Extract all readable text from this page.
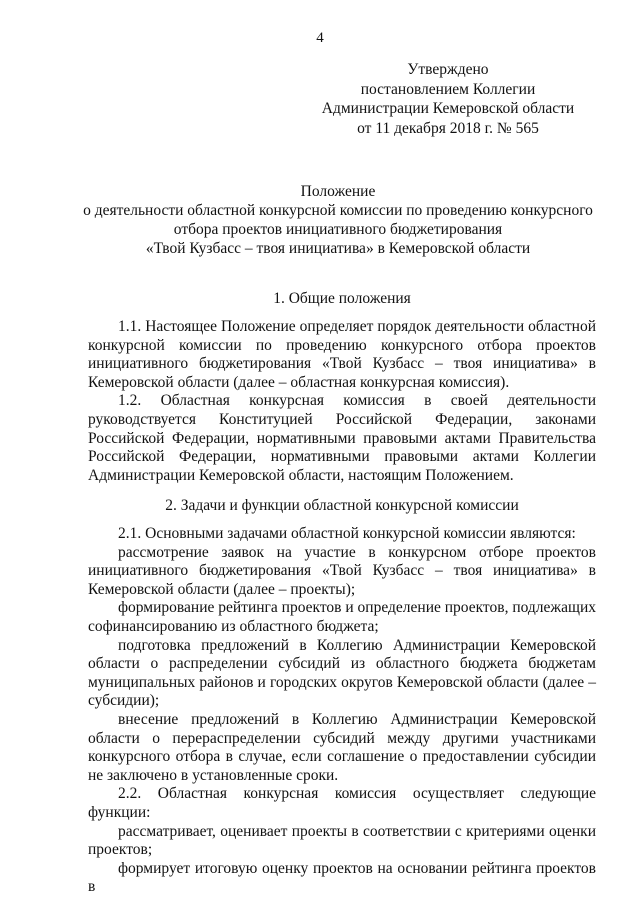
4
Утверждено
постановлением Коллегии
Администрации Кемеровской области
от 11 декабря 2018 г. № 565
Положение
о деятельности областной конкурсной комиссии по проведению конкурсного
отбора проектов инициативного бюджетирования
«Твой Кузбасс – твоя инициатива» в Кемеровской области
1. Общие положения

1.1. Настоящее Положение определяет порядок деятельности областной конкурсной комиссии по проведению конкурсного отбора проектов инициативного бюджетирования «Твой Кузбасс – твоя инициатива» в Кемеровской области (далее – областная конкурсная комиссия).

1.2. Областная конкурсная комиссия в своей деятельности руководствуется Конституцией Российской Федерации, законами Российской Федерации, нормативными правовыми актами Правительства Российской Федерации, нормативными правовыми актами Коллегии Администрации Кемеровской области, настоящим Положением.

2. Задачи и функции областной конкурсной комиссии

2.1. Основными задачами областной конкурсной комиссии являются:

рассмотрение заявок на участие в конкурсном отборе проектов инициативного бюджетирования «Твой Кузбасс – твоя инициатива» в Кемеровской области (далее – проекты);

формирование рейтинга проектов и определение проектов, подлежащих софинансированию из областного бюджета;

подготовка предложений в Коллегию Администрации Кемеровской области о распределении субсидий из областного бюджета бюджетам муниципальных районов и городских округов Кемеровской области (далее – субсидии);

внесение предложений в Коллегию Администрации Кемеровской области о перераспределении субсидий между другими участниками конкурсного отбора в случае, если соглашение о предоставлении субсидии не заключено в установленные сроки.

2.2. Областная конкурсная комиссия осуществляет следующие функции:

рассматривает, оценивает проекты в соответствии с критериями оценки проектов;

формирует итоговую оценку проектов на основании рейтинга проектов в
